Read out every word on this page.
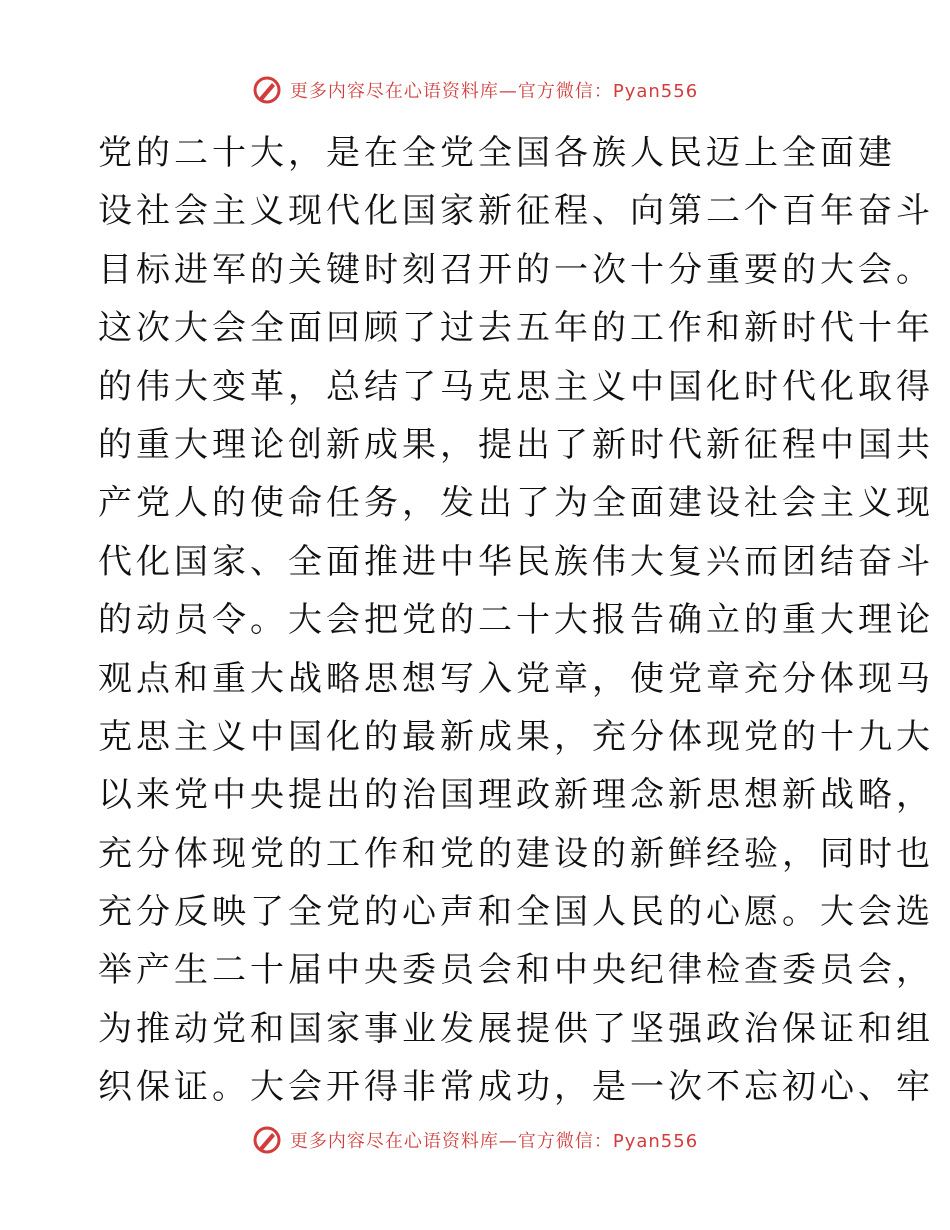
更多内容尽在心语资料库—官方微信：Pyan556
党的二十大，是在全党全国各族人民迈上全面建
设社会主义现代化国家新征程、向第二个百年奋斗
目标进军的关键时刻召开的一次十分重要的大会。
这次大会全面回顾了过去五年的工作和新时代十年
的伟大变革，总结了马克思主义中国化时代化取得
的重大理论创新成果，提出了新时代新征程中国共
产党人的使命任务，发出了为全面建设社会主义现
代化国家、全面推进中华民族伟大复兴而团结奋斗
的动员令。大会把党的二十大报告确立的重大理论
观点和重大战略思想写入党章，使党章充分体现马
克思主义中国化的最新成果，充分体现党的十九大
以来党中央提出的治国理政新理念新思想新战略，
充分体现党的工作和党的建设的新鲜经验，同时也
充分反映了全党的心声和全国人民的心愿。大会选
举产生二十届中央委员会和中央纪律检查委员会，
为推动党和国家事业发展提供了坚强政治保证和组
织保证。大会开得非常成功，是一次不忘初心、牢
更多内容尽在心语资料库—官方微信：Pyan556
